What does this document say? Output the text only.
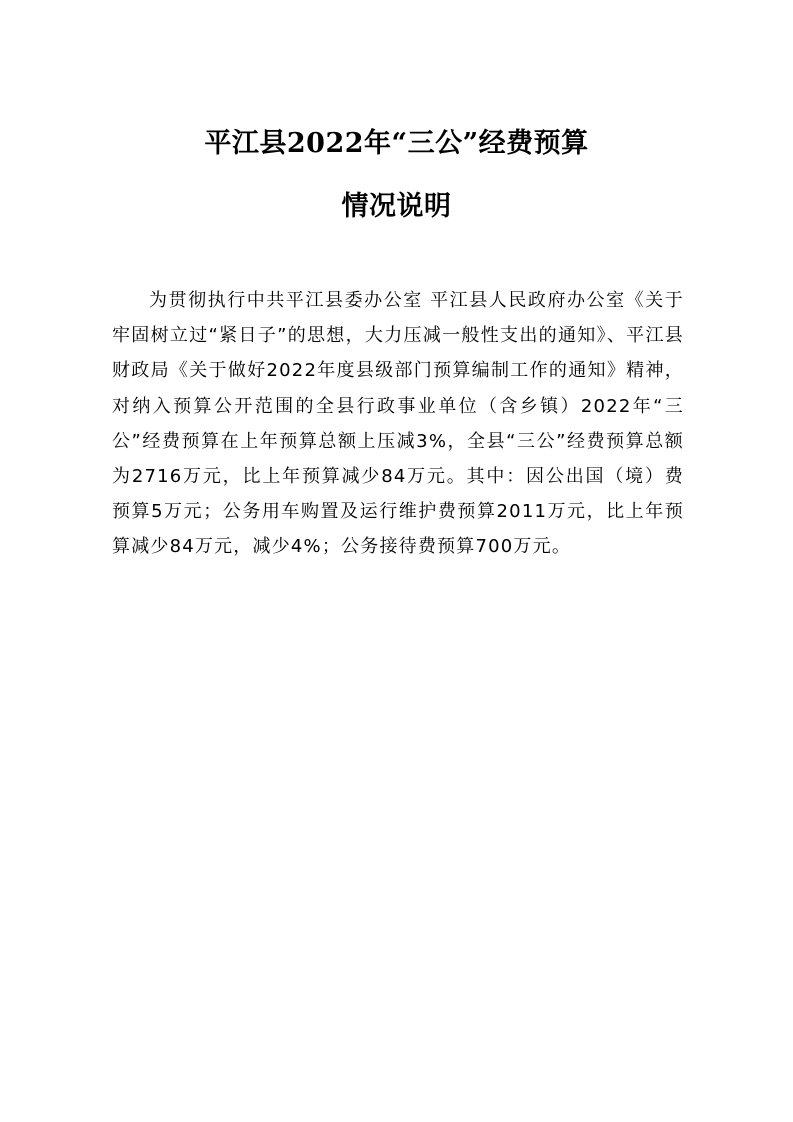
平江县2022年“三公”经费预算
情况说明

为贯彻执行中共平江县委办公室 平江县人民政府办公室《关于牢固树立过“紧日子”的思想，大力压减一般性支出的通知》、平江县财政局《关于做好2022年度县级部门预算编制工作的通知》精神，对纳入预算公开范围的全县行政事业单位（含乡镇）2022年“三公”经费预算在上年预算总额上压减3%，全县“三公”经费预算总额为2716万元，比上年预算减少84万元。其中：因公出国（境）费预算5万元；公务用车购置及运行维护费预算2011万元，比上年预算减少84万元，减少4%；公务接待费预算700万元。
